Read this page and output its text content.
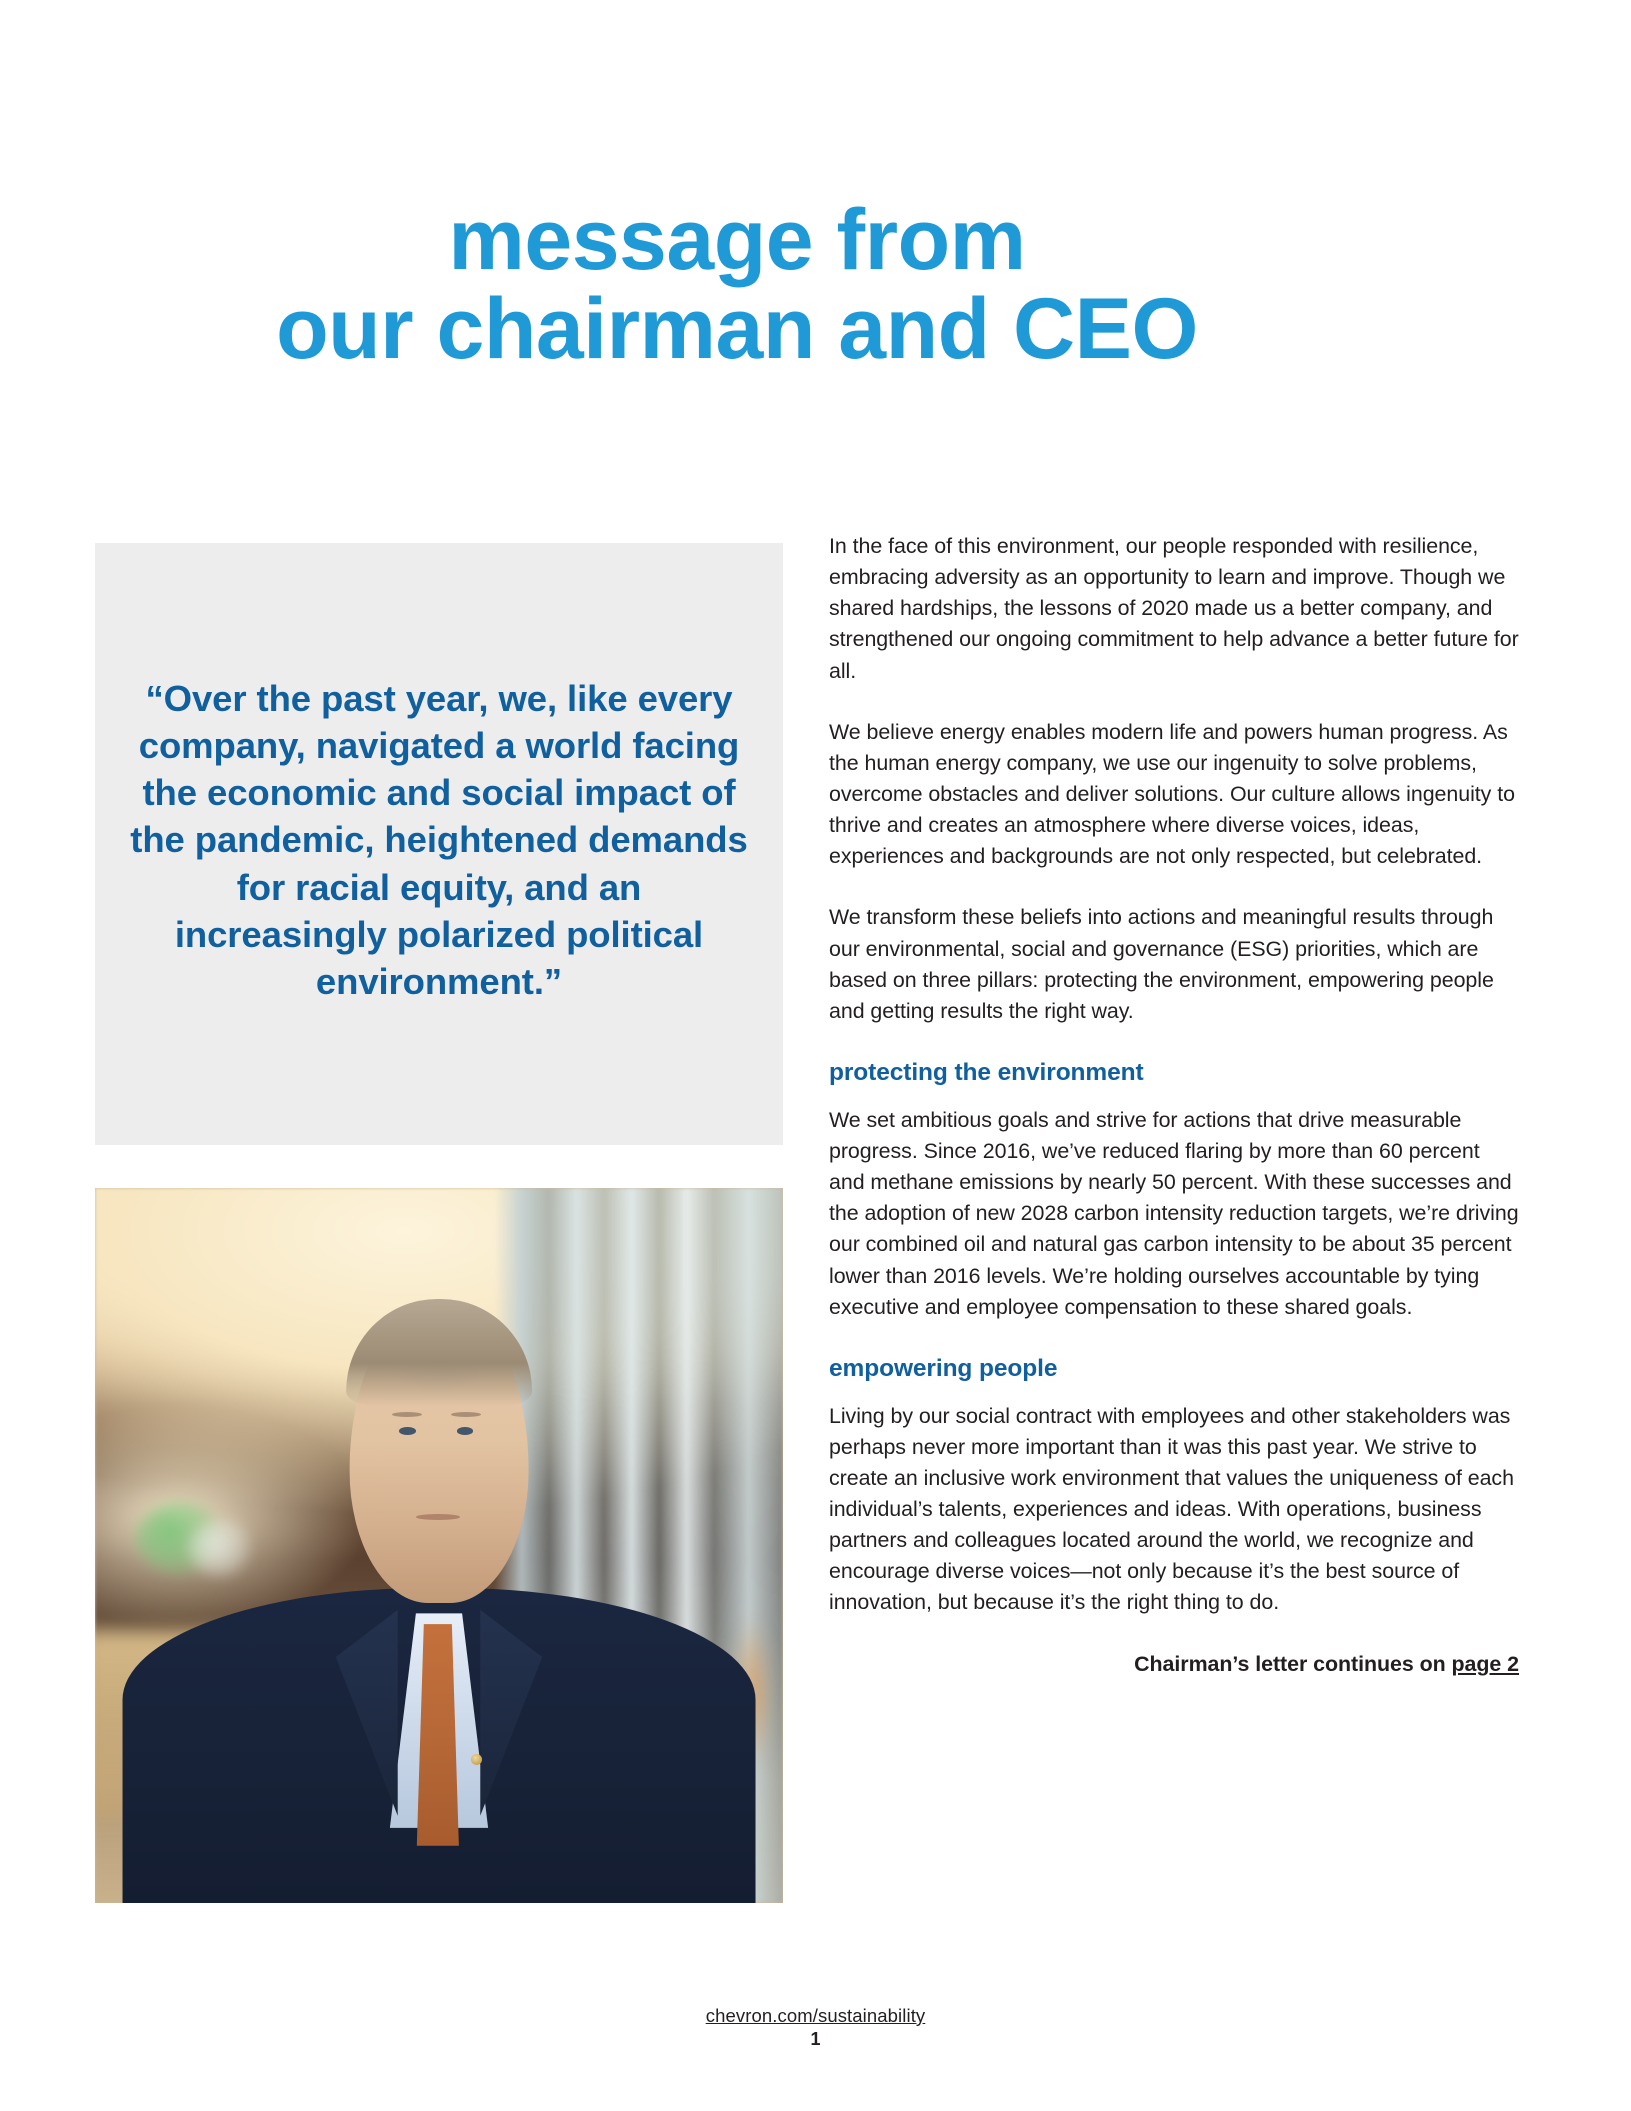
message from
our chairman and CEO
“Over the past year, we, like every company, navigated a world facing the economic and social impact of the pandemic, heightened demands for racial equity, and an increasingly polarized political environment.”

In the face of this environment, our people responded with resilience, embracing adversity as an opportunity to learn and improve. Though we shared hardships, the lessons of 2020 made us a better company, and strengthened our ongoing commitment to help advance a better future for all.

We believe energy enables modern life and powers human progress. As the human energy company, we use our ingenuity to solve problems, overcome obstacles and deliver solutions. Our culture allows ingenuity to thrive and creates an atmosphere where diverse voices, ideas, experiences and backgrounds are not only respected, but celebrated.

We transform these beliefs into actions and meaningful results through our environmental, social and governance (ESG) priorities, which are based on three pillars: protecting the environment, empowering people and getting results the right way.

protecting the environment

We set ambitious goals and strive for actions that drive measurable progress. Since 2016, we’ve reduced flaring by more than 60 percent and methane emissions by nearly 50 percent. With these successes and the adoption of new 2028 carbon intensity reduction targets, we’re driving our combined oil and natural gas carbon intensity to be about 35 percent lower than 2016 levels. We’re holding ourselves accountable by tying executive and employee compensation to these shared goals.

empowering people

Living by our social contract with employees and other stakeholders was perhaps never more important than it was this past year. We strive to create an inclusive work environment that values the uniqueness of each individual’s talents, experiences and ideas. With operations, business partners and colleagues located around the world, we recognize and encourage diverse voices—not only because it’s the best source of innovation, but because it’s the right thing to do.

Chairman’s letter continues on page 2

chevron.com/sustainability
1
